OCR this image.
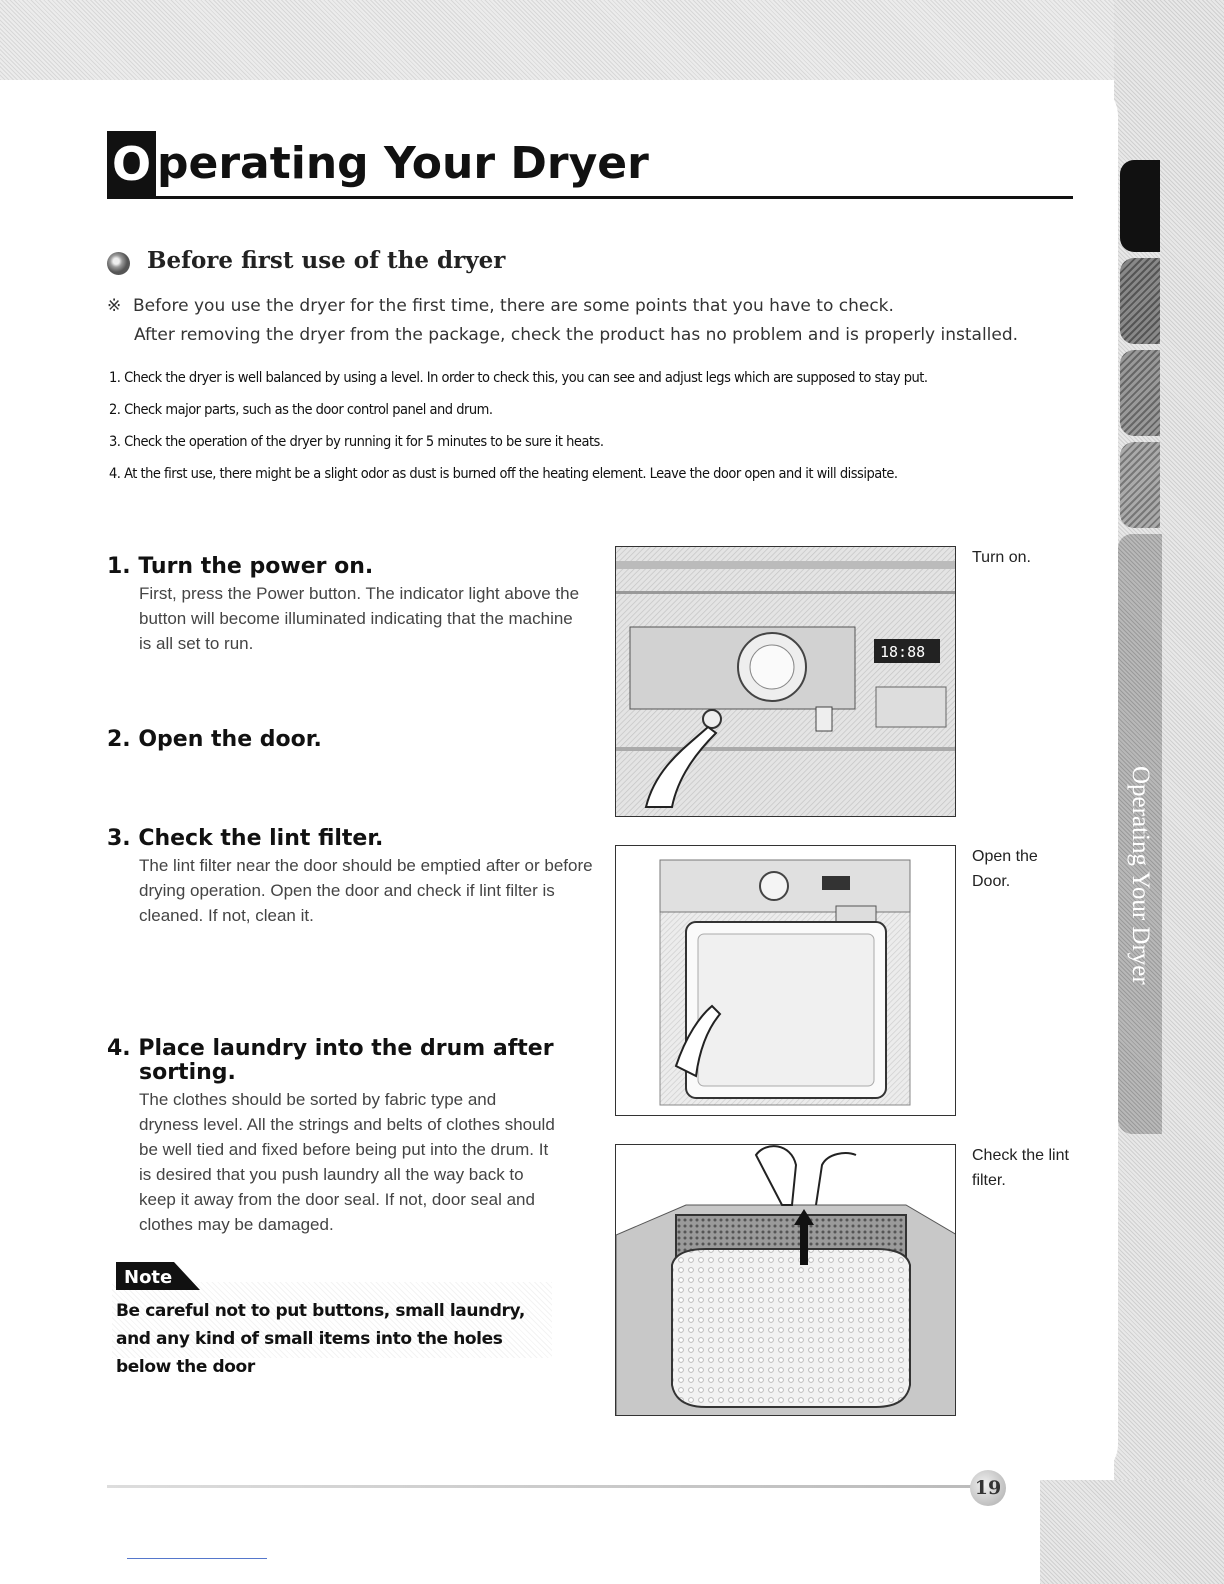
Operating Your Dryer
O perating Your Dryer
Before first use of the dryer
※ Before you use the dryer for the first time, there are some points that you have to check.
After removing the dryer from the package, check the product has no problem and is properly installed.
1. Check the dryer is well balanced by using a level. In order to check this, you can see and adjust legs which are supposed to stay put.
2. Check major parts, such as the door control panel and drum.
3. Check the operation of the dryer by running it for 5 minutes to be sure it heats.
4. At the first use, there might be a slight odor as dust is burned off the heating element. Leave the door open and it will dissipate.
1. Turn the power on.
First, press the Power button. The indicator light above the button will become illuminated indicating that the machine is all set to run.
2. Open the door.
3. Check the lint filter.
The lint filter near the door should be emptied after or before drying operation. Open the door and check if lint filter is cleaned. If not, clean it.
4. Place laundry into the drum after
sorting.
The clothes should be sorted by fabric type and dryness level. All the strings and belts of clothes should be well tied and fixed before being put into the drum. It is desired that you push laundry all the way back to keep it away from the door seal. If not, door seal and clothes may be damaged.
18:88
Turn on.
Open the Door.
Check the lint filter.
Note
Be careful not to put buttons, small laundry, and any kind of small items into the holes below the door
19
